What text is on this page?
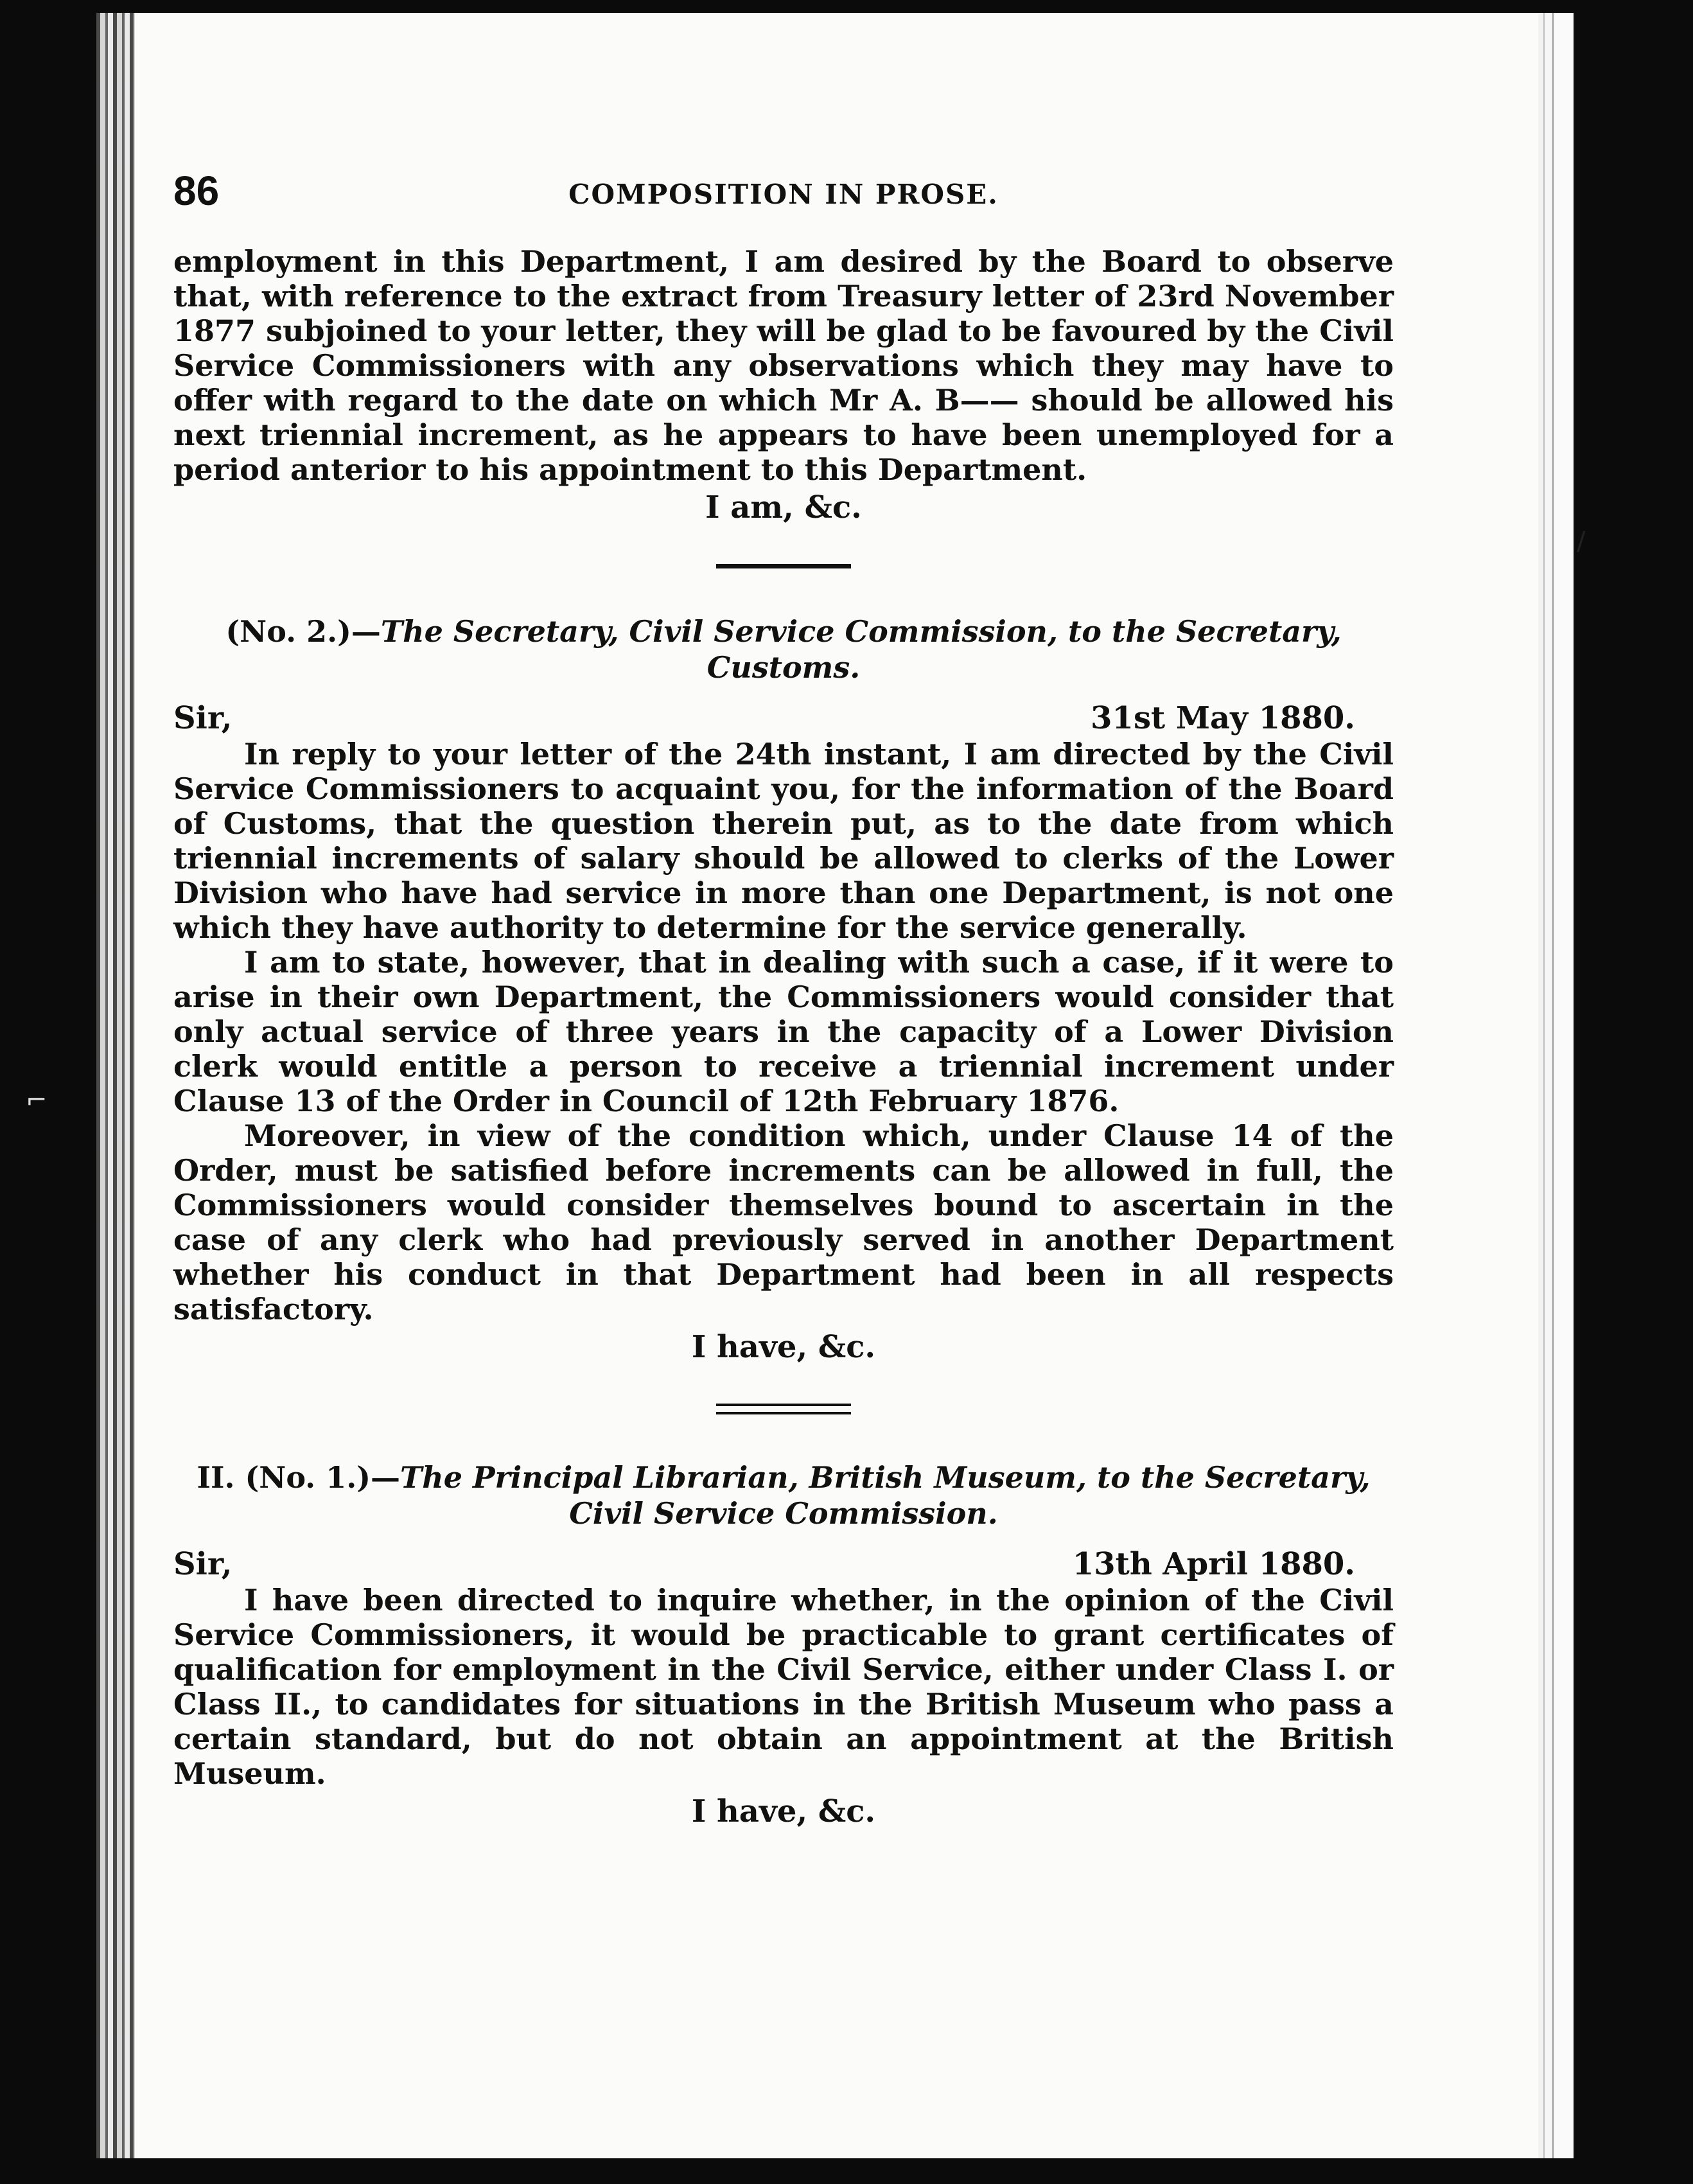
/
⌐
86	COMPOSITION IN PROSE.

employment in this Department, I am desired by the Board to observe that, with reference to the extract from Treasury letter of 23rd November 1877 subjoined to your letter, they will be glad to be favoured by the Civil Service Commissioners with any observations which they may have to offer with regard to the date on which Mr A. B—— should be allowed his next triennial increment, as he appears to have been unemployed for a period anterior to his appointment to this Department.

I am, &c.
(No. 2.)—The Secretary, Civil Service Commission, to the Secretary, Customs.
Sir,	31st May 1880.

In reply to your letter of the 24th instant, I am directed by the Civil Service Commissioners to acquaint you, for the information of the Board of Customs, that the question therein put, as to the date from which triennial increments of salary should be allowed to clerks of the Lower Division who have had service in more than one Department, is not one which they have authority to determine for the service generally.

I am to state, however, that in dealing with such a case, if it were to arise in their own Department, the Commissioners would consider that only actual service of three years in the capacity of a Lower Division clerk would entitle a person to receive a triennial increment under Clause 13 of the Order in Council of 12th February 1876.

Moreover, in view of the condition which, under Clause 14 of the Order, must be satisfied before increments can be allowed in full, the Commissioners would consider themselves bound to ascertain in the case of any clerk who had previously served in another Department whether his conduct in that Department had been in all respects satisfactory.

I have, &c.
II. (No. 1.)—The Principal Librarian, British Museum, to the Secretary, Civil Service Commission.
Sir,	13th April 1880.

I have been directed to inquire whether, in the opinion of the Civil Service Commissioners, it would be practicable to grant certificates of qualification for employment in the Civil Service, either under Class I. or Class II., to candidates for situations in the British Museum who pass a certain standard, but do not obtain an appointment at the British Museum.

I have, &c.
